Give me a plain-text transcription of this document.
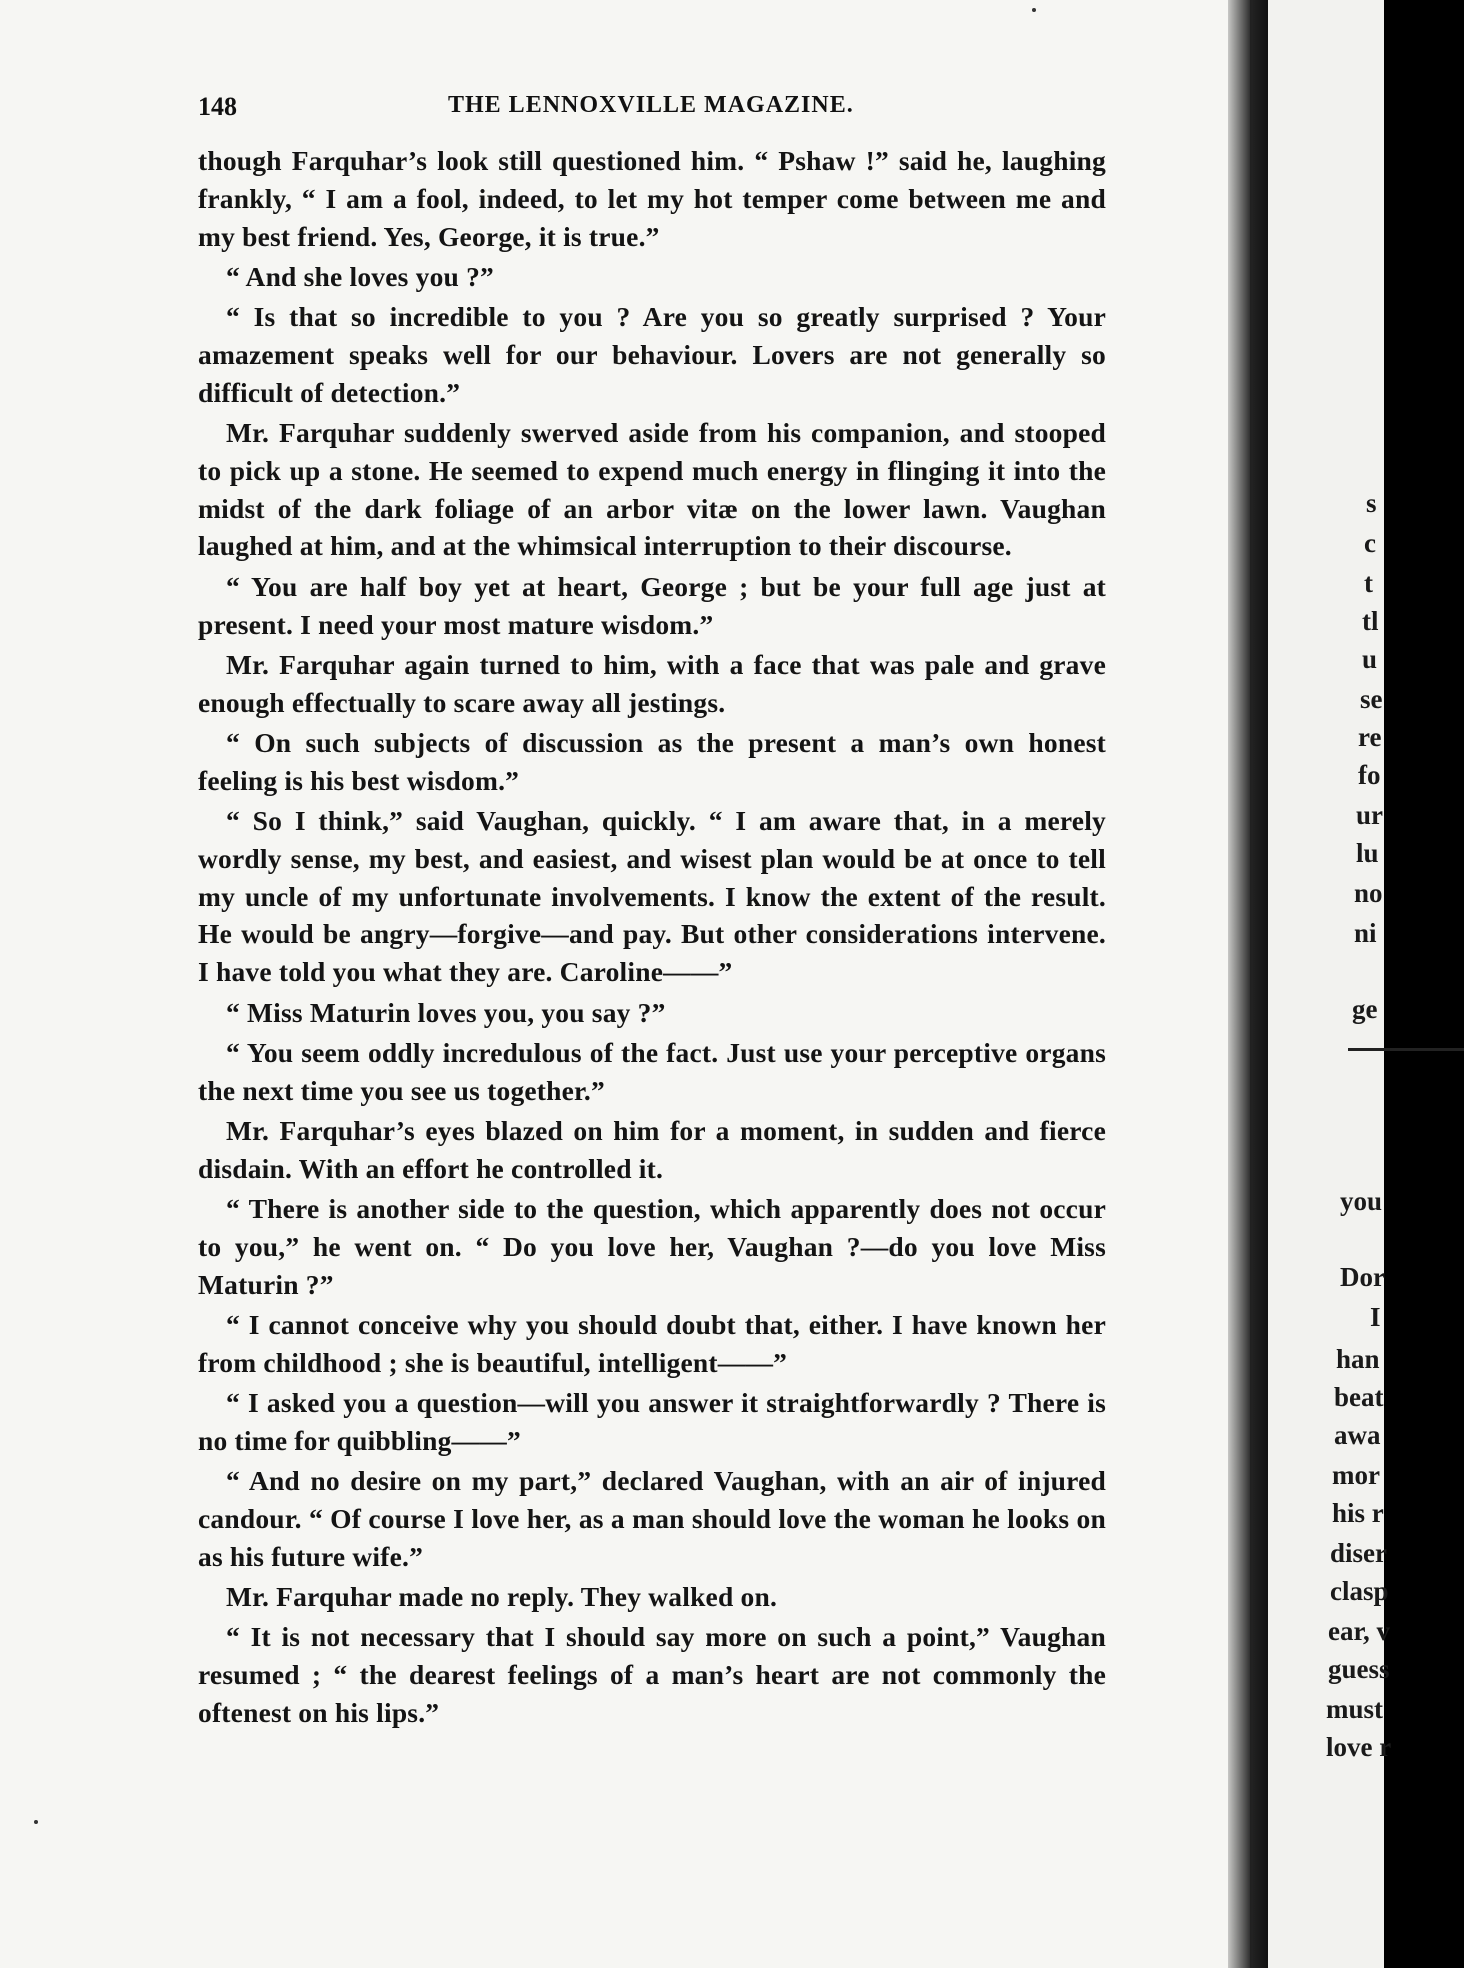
148	THE LENNOXVILLE MAGAZINE.

though Farquhar’s look still questioned him. “ Pshaw !” said he, laughing frankly, “ I am a fool, indeed, to let my hot temper come between me and my best friend. Yes, George, it is true.”

“ And she loves you ?”

“ Is that so incredible to you ? Are you so greatly surprised ? Your amazement speaks well for our behaviour. Lovers are not generally so difficult of detection.”

Mr. Farquhar suddenly swerved aside from his companion, and stooped to pick up a stone. He seemed to expend much energy in flinging it into the midst of the dark foliage of an arbor vitæ on the lower lawn. Vaughan laughed at him, and at the whimsical interruption to their discourse.

“ You are half boy yet at heart, George ; but be your full age just at present. I need your most mature wisdom.”

Mr. Farquhar again turned to him, with a face that was pale and grave enough effectually to scare away all jestings.

“ On such subjects of discussion as the present a man’s own honest feeling is his best wisdom.”

“ So I think,” said Vaughan, quickly. “ I am aware that, in a merely wordly sense, my best, and easiest, and wisest plan would be at once to tell my uncle of my unfortunate involvements. I know the extent of the result. He would be angry—forgive—and pay. But other considerations intervene. I have told you what they are. Caroline——”

“ Miss Maturin loves you, you say ?”

“ You seem oddly incredulous of the fact. Just use your perceptive organs the next time you see us together.”

Mr. Farquhar’s eyes blazed on him for a moment, in sudden and fierce disdain. With an effort he controlled it.

“ There is another side to the question, which apparently does not occur to you,” he went on. “ Do you love her, Vaughan ?—do you love Miss Maturin ?”

“ I cannot conceive why you should doubt that, either. I have known her from childhood ; she is beautiful, intelligent——”

“ I asked you a question—will you answer it straightforwardly ? There is no time for quibbling——”

“ And no desire on my part,” declared Vaughan, with an air of injured candour. “ Of course I love her, as a man should love the woman he looks on as his future wife.”

Mr. Farquhar made no reply. They walked on.

“ It is not necessary that I should say more on such a point,” Vaughan resumed ; “ the dearest feelings of a man’s heart are not commonly the oftenest on his lips.”

s
c
t
tl
u
se
re
fo
ur
lu
no
ni
ge
you
Dor
I
han
beat
awa
mor
his r
diser
clasp
ear, v
guess
must
love r
